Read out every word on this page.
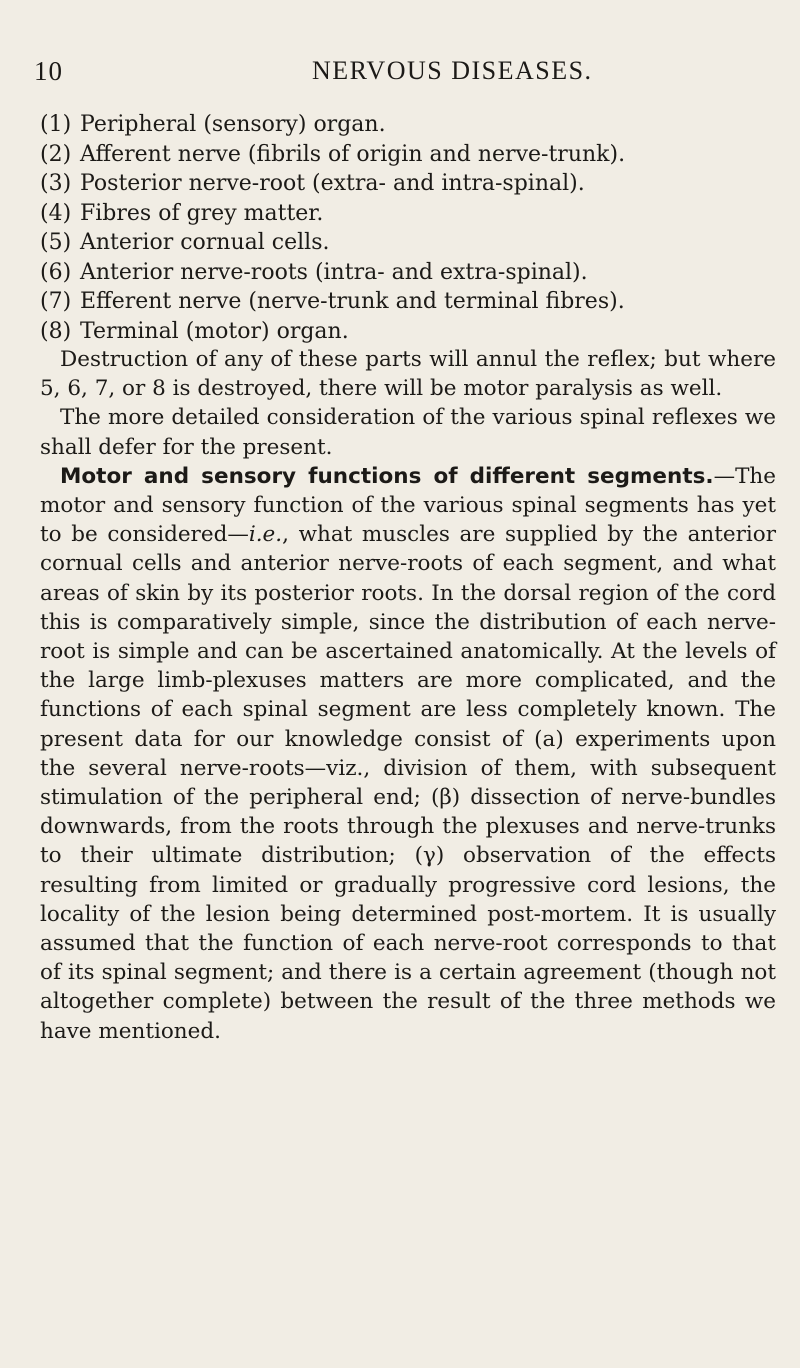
10	NERVOUS DISEASES.
(1) Peripheral (sensory) organ.
(2) Afferent nerve (fibrils of origin and nerve-trunk).
(3) Posterior nerve-root (extra- and intra-spinal).
(4) Fibres of grey matter.
(5) Anterior cornual cells.
(6) Anterior nerve-roots (intra- and extra-spinal).
(7) Efferent nerve (nerve-trunk and terminal fibres).
(8) Terminal (motor) organ.

Destruction of any of these parts will annul the reflex; but where 5, 6, 7, or 8 is destroyed, there will be motor paralysis as well.

The more detailed consideration of the various spinal reflexes we shall defer for the present.

Motor and sensory functions of different segments.—The motor and sensory function of the various spinal segments has yet to be considered—i.e., what muscles are supplied by the anterior cornual cells and anterior nerve-roots of each segment, and what areas of skin by its posterior roots. In the dorsal region of the cord this is comparatively simple, since the distribution of each nerve-root is simple and can be ascertained anatomically. At the levels of the large limb-plexuses matters are more complicated, and the functions of each spinal segment are less completely known. The present data for our knowledge consist of (a) experiments upon the several nerve-roots—viz., division of them, with subsequent stimulation of the peripheral end; (β) dissection of nerve-bundles downwards, from the roots through the plexuses and nerve-trunks to their ultimate distribution; (γ) observation of the effects resulting from limited or gradually progressive cord lesions, the locality of the lesion being determined post-mortem. It is usually assumed that the function of each nerve-root corresponds to that of its spinal segment; and there is a certain agreement (though not altogether complete) between the result of the three methods we have mentioned.
